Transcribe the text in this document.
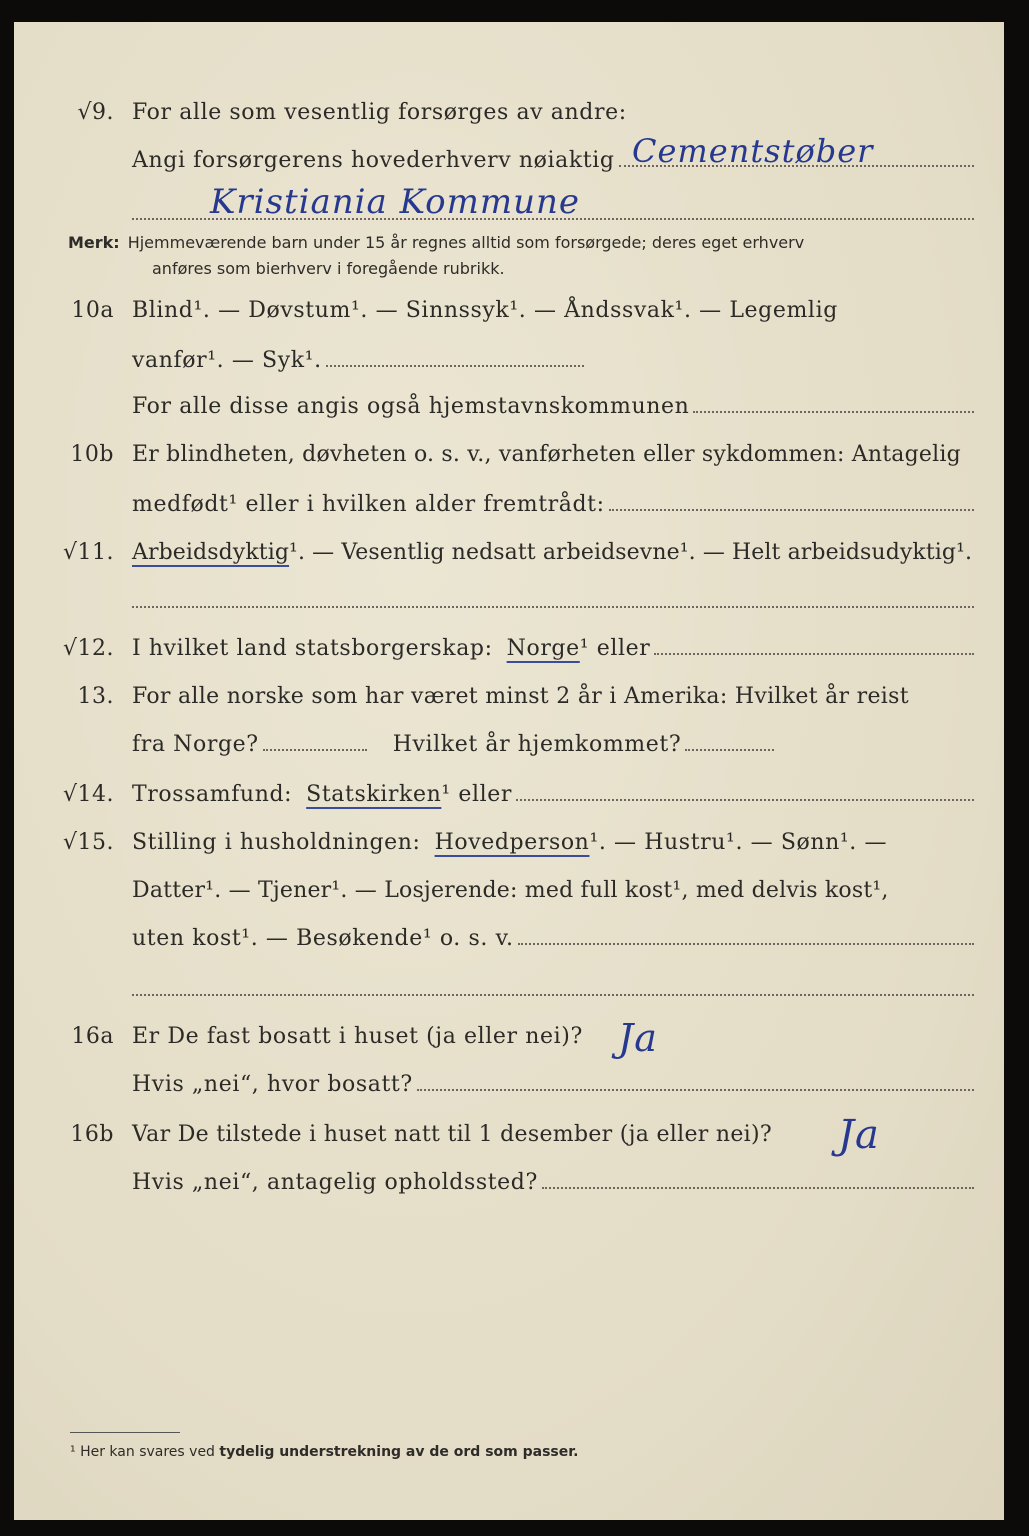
√9. For alle som vesentlig forsørges av andre:
Angi forsørgerens hovederhverv nøiaktig Cementstøber
Kristiania Kommune
Merk: Hjemmeværende barn under 15 år regnes alltid som forsørgede; deres eget erhverv
anføres som bierhverv i foregående rubrikk.
10a Blind¹. — Døvstum¹. — Sinnssyk¹. — Åndssvak¹. — Legemlig
vanfør¹. — Syk¹.
For alle disse angis også hjemstavnskommunen
10b Er blindheten, døvheten o. s. v., vanførheten eller sykdommen: Antagelig
medfødt¹ eller i hvilken alder fremtrådt:
√11. Arbeidsdyktig ¹. — Vesentlig nedsatt arbeidsevne¹. — Helt arbeidsudyktig¹.
√12. I hvilket land statsborgerskap: Norge ¹ eller
13. For alle norske som har været minst 2 år i Amerika: Hvilket år reist
fra Norge?	Hvilket år hjemkommet?
√14. Trossamfund: Statskirken ¹ eller
√15. Stilling i husholdningen: Hovedperson ¹. — Hustru¹. — Sønn¹. —
Datter¹. — Tjener¹. — Losjerende: med full kost¹, med delvis kost¹,
uten kost¹. — Besøkende¹ o. s. v.
16a Er De fast bosatt i huset (ja eller nei)? Ja
Hvis „nei“, hvor bosatt?
16b Var De tilstede i huset natt til 1 desember (ja eller nei)? Ja
Hvis „nei“, antagelig opholdssted?
¹ Her kan svares ved tydelig understrekning av de ord som passer.
